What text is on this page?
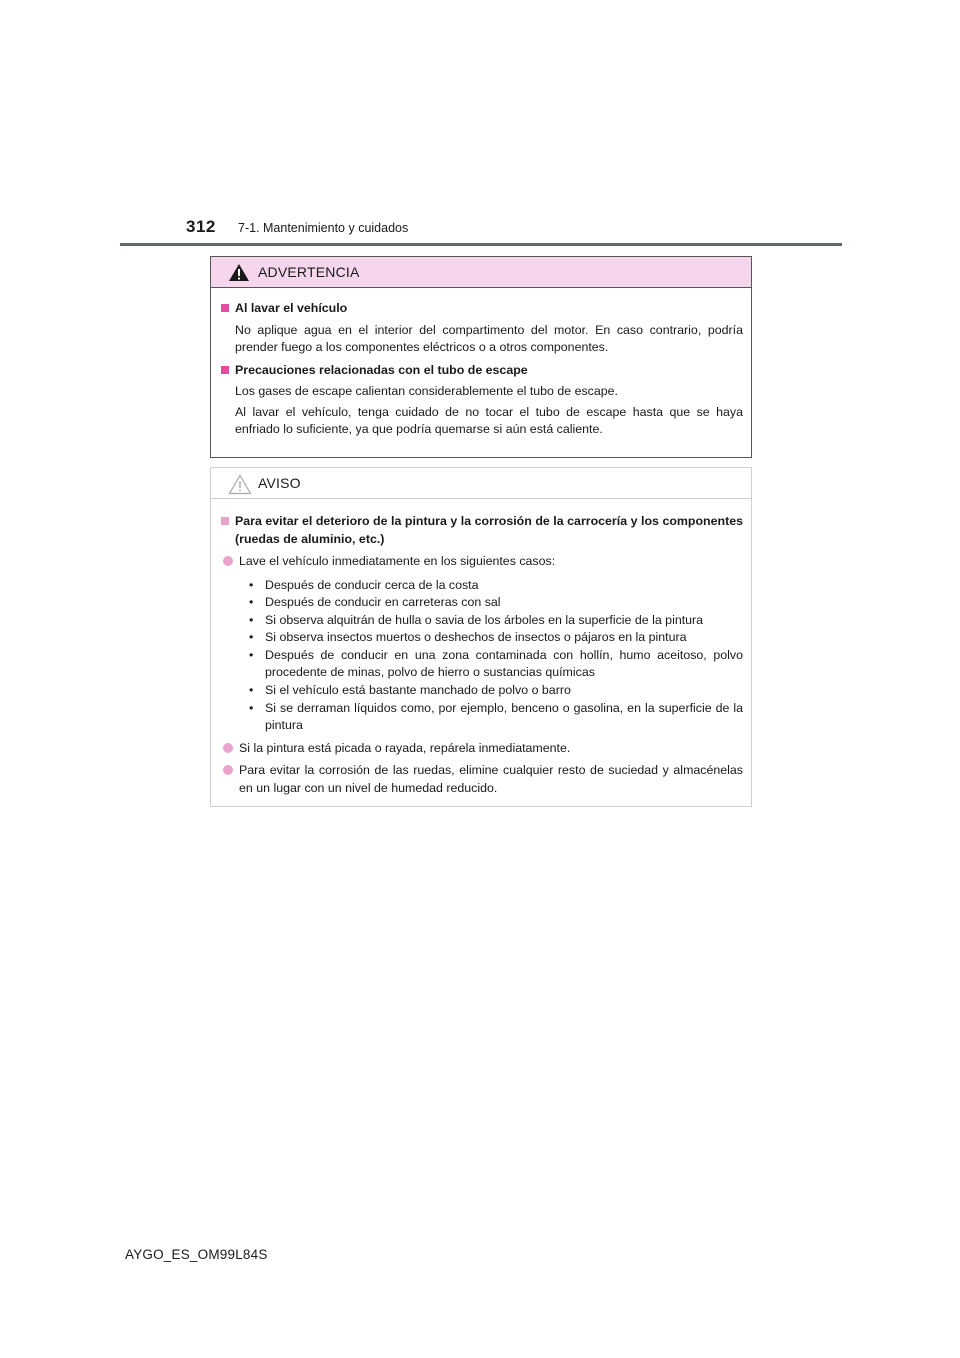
312 7-1. Mantenimiento y cuidados
ADVERTENCIA
Al lavar el vehículo
No aplique agua en el interior del compartimento del motor. En caso contrario, podría prender fuego a los componentes eléctricos o a otros componentes.
Precauciones relacionadas con el tubo de escape
Los gases de escape calientan considerablemente el tubo de escape.
Al lavar el vehículo, tenga cuidado de no tocar el tubo de escape hasta que se haya enfriado lo suficiente, ya que podría quemarse si aún está caliente.
AVISO
Para evitar el deterioro de la pintura y la corrosión de la carrocería y los componentes (ruedas de aluminio, etc.)
Lave el vehículo inmediatamente en los siguientes casos:
• Después de conducir cerca de la costa
• Después de conducir en carreteras con sal
• Si observa alquitrán de hulla o savia de los árboles en la superficie de la pintura
• Si observa insectos muertos o deshechos de insectos o pájaros en la pintura
• Después de conducir en una zona contaminada con hollín, humo aceitoso, polvo procedente de minas, polvo de hierro o sustancias químicas
• Si el vehículo está bastante manchado de polvo o barro
• Si se derraman líquidos como, por ejemplo, benceno o gasolina, en la superficie de la pintura
Si la pintura está picada o rayada, repárela inmediatamente.
Para evitar la corrosión de las ruedas, elimine cualquier resto de suciedad y almacénelas en un lugar con un nivel de humedad reducido.
AYGO_ES_OM99L84S
